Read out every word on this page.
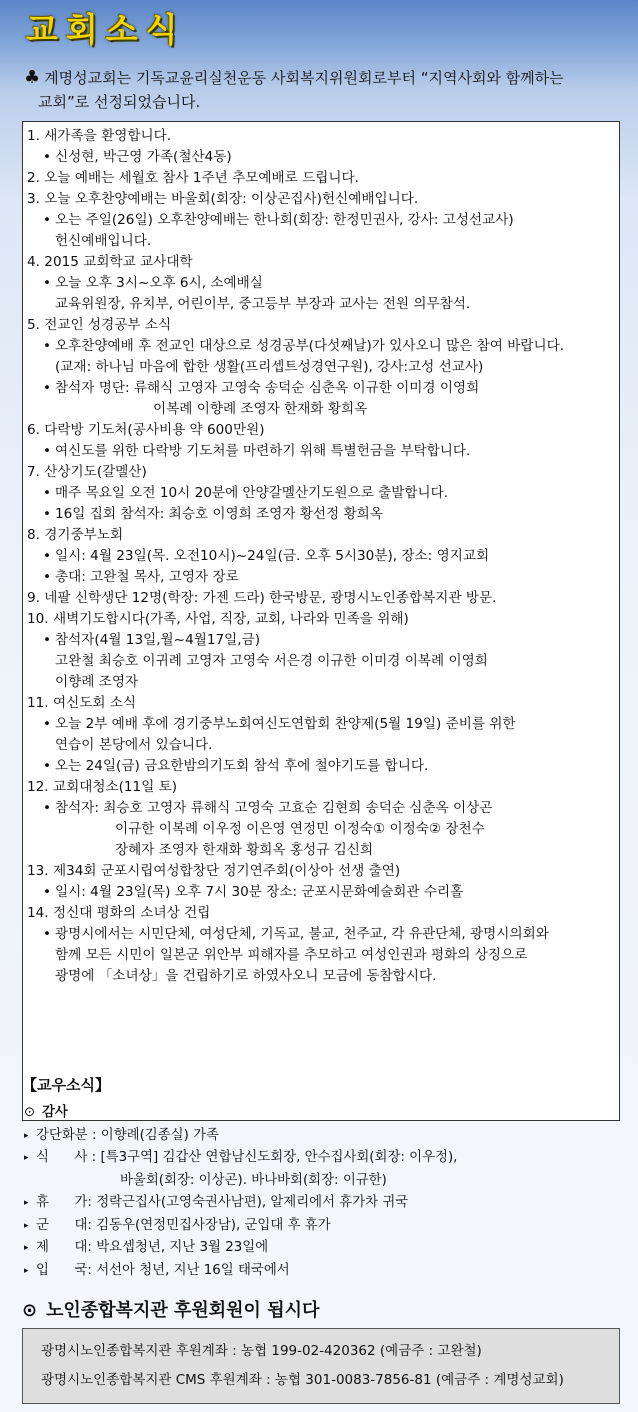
교회소식
♣ 계명성교회는 기독교윤리실천운동 사회복지위원회로부터 “지역사회와 함께하는
교회”로 선정되었습니다.
1. 새가족을 환영합니다.
• 신성현, 박근영 가족(철산4동)
2. 오늘 예배는 세월호 참사 1주년 추모예배로 드립니다.
3. 오늘 오후찬양예배는 바울회(회장: 이상곤집사)헌신예배입니다.
• 오는 주일(26일) 오후찬양예배는 한나회(회장: 한정민권사, 강사: 고성선교사)
헌신예배입니다.
4. 2015 교회학교 교사대학
• 오늘 오후 3시~오후 6시, 소예배실
교육위원장, 유치부, 어린이부, 중고등부 부장과 교사는 전원 의무참석.
5. 전교인 성경공부 소식
• 오후찬양예배 후 전교인 대상으로 성경공부(다섯째날)가 있사오니 많은 참여 바랍니다.
(교재: 하나님 마음에 합한 생활(프리셉트성경연구원), 강사:고성 선교사)
• 참석자 명단: 류해식 고영자 고영숙 송덕순 심춘옥 이규한 이미경 이영희
이복례 이향례 조영자 한재화 황희옥
6. 다락방 기도처(공사비용 약 600만원)
• 여신도를 위한 다락방 기도처를 마련하기 위해 특별헌금을 부탁합니다.
7. 산상기도(갈멜산)
• 매주 목요일 오전 10시 20분에 안양갈멜산기도원으로 출발합니다.
• 16일 집회 참석자: 최승호 이영희 조영자 황선정 황희옥
8. 경기중부노회
• 일시: 4월 23일(목. 오전10시)~24일(금. 오후 5시30분), 장소: 영지교회
• 총대: 고완철 목사, 고영자 장로
9. 네팔 신학생단 12명(학장: 가젠 드라) 한국방문, 광명시노인종합복지관 방문.
10. 새벽기도합시다(가족, 사업, 직장, 교회, 나라와 민족을 위해)
• 참석자(4월 13일,월~4월17일,금)
고완철 최승호 이귀례 고영자 고영숙 서은경 이규한 이미경 이복례 이영희
이향례 조영자
11. 여신도회 소식
• 오늘 2부 예배 후에 경기중부노회여신도연합회 찬양제(5월 19일) 준비를 위한
연습이 본당에서 있습니다.
• 오는 24일(금) 금요한밤의기도회 참석 후에 철야기도를 합니다.
12. 교회대청소(11일 토)
• 참석자: 최승호 고영자 류해식 고영숙 고효순 김현희 송덕순 심춘옥 이상곤
이규한 이복례 이우정 이은영 연정민 이정숙① 이정숙② 장천수
장혜자 조영자 한재화 황희옥 홍성규 김신희
13. 제34회 군포시립여성합창단 정기연주회(이상아 선생 출연)
• 일시: 4월 23일(목) 오후 7시 30분 장소: 군포시문화예술회관 수리홀
14. 정신대 평화의 소녀상 건립
• 광명시에서는 시민단체, 여성단체, 기독교, 불교, 천주교, 각 유관단체, 광명시의회와
함께 모든 시민이 일본군 위안부 피해자를 추모하고 여성인권과 평화의 상징으로
광명에 「소녀상」을 건립하기로 하였사오니 모금에 동참합시다.
【교우소식】
⊙ 감사
▸ 강단화분 : 이향례(김종실) 가족
▸ 식      사 : [특3구역] 김갑산 연합남신도회장, 안수집사회(회장: 이우정),
바울회(회장: 이상곤). 바나바회(회장: 이규한)
▸ 휴      가: 정락근집사(고영숙권사남편), 알제리에서 휴가차 귀국
▸ 군      대: 김동우(연정민집사장남), 군입대 후 휴가
▸ 제      대: 박요셉청년, 지난 3월 23일에
▸ 입      국: 서선아 청년, 지난 16일 태국에서
⊙ 노인종합복지관 후원회원이 됩시다
광명시노인종합복지관 후원계좌 : 농협 199-02-420362 (예금주 : 고완철)
광명시노인종합복지관 CMS 후원계좌 : 농협 301-0083-7856-81 (예금주 : 계명성교회)
